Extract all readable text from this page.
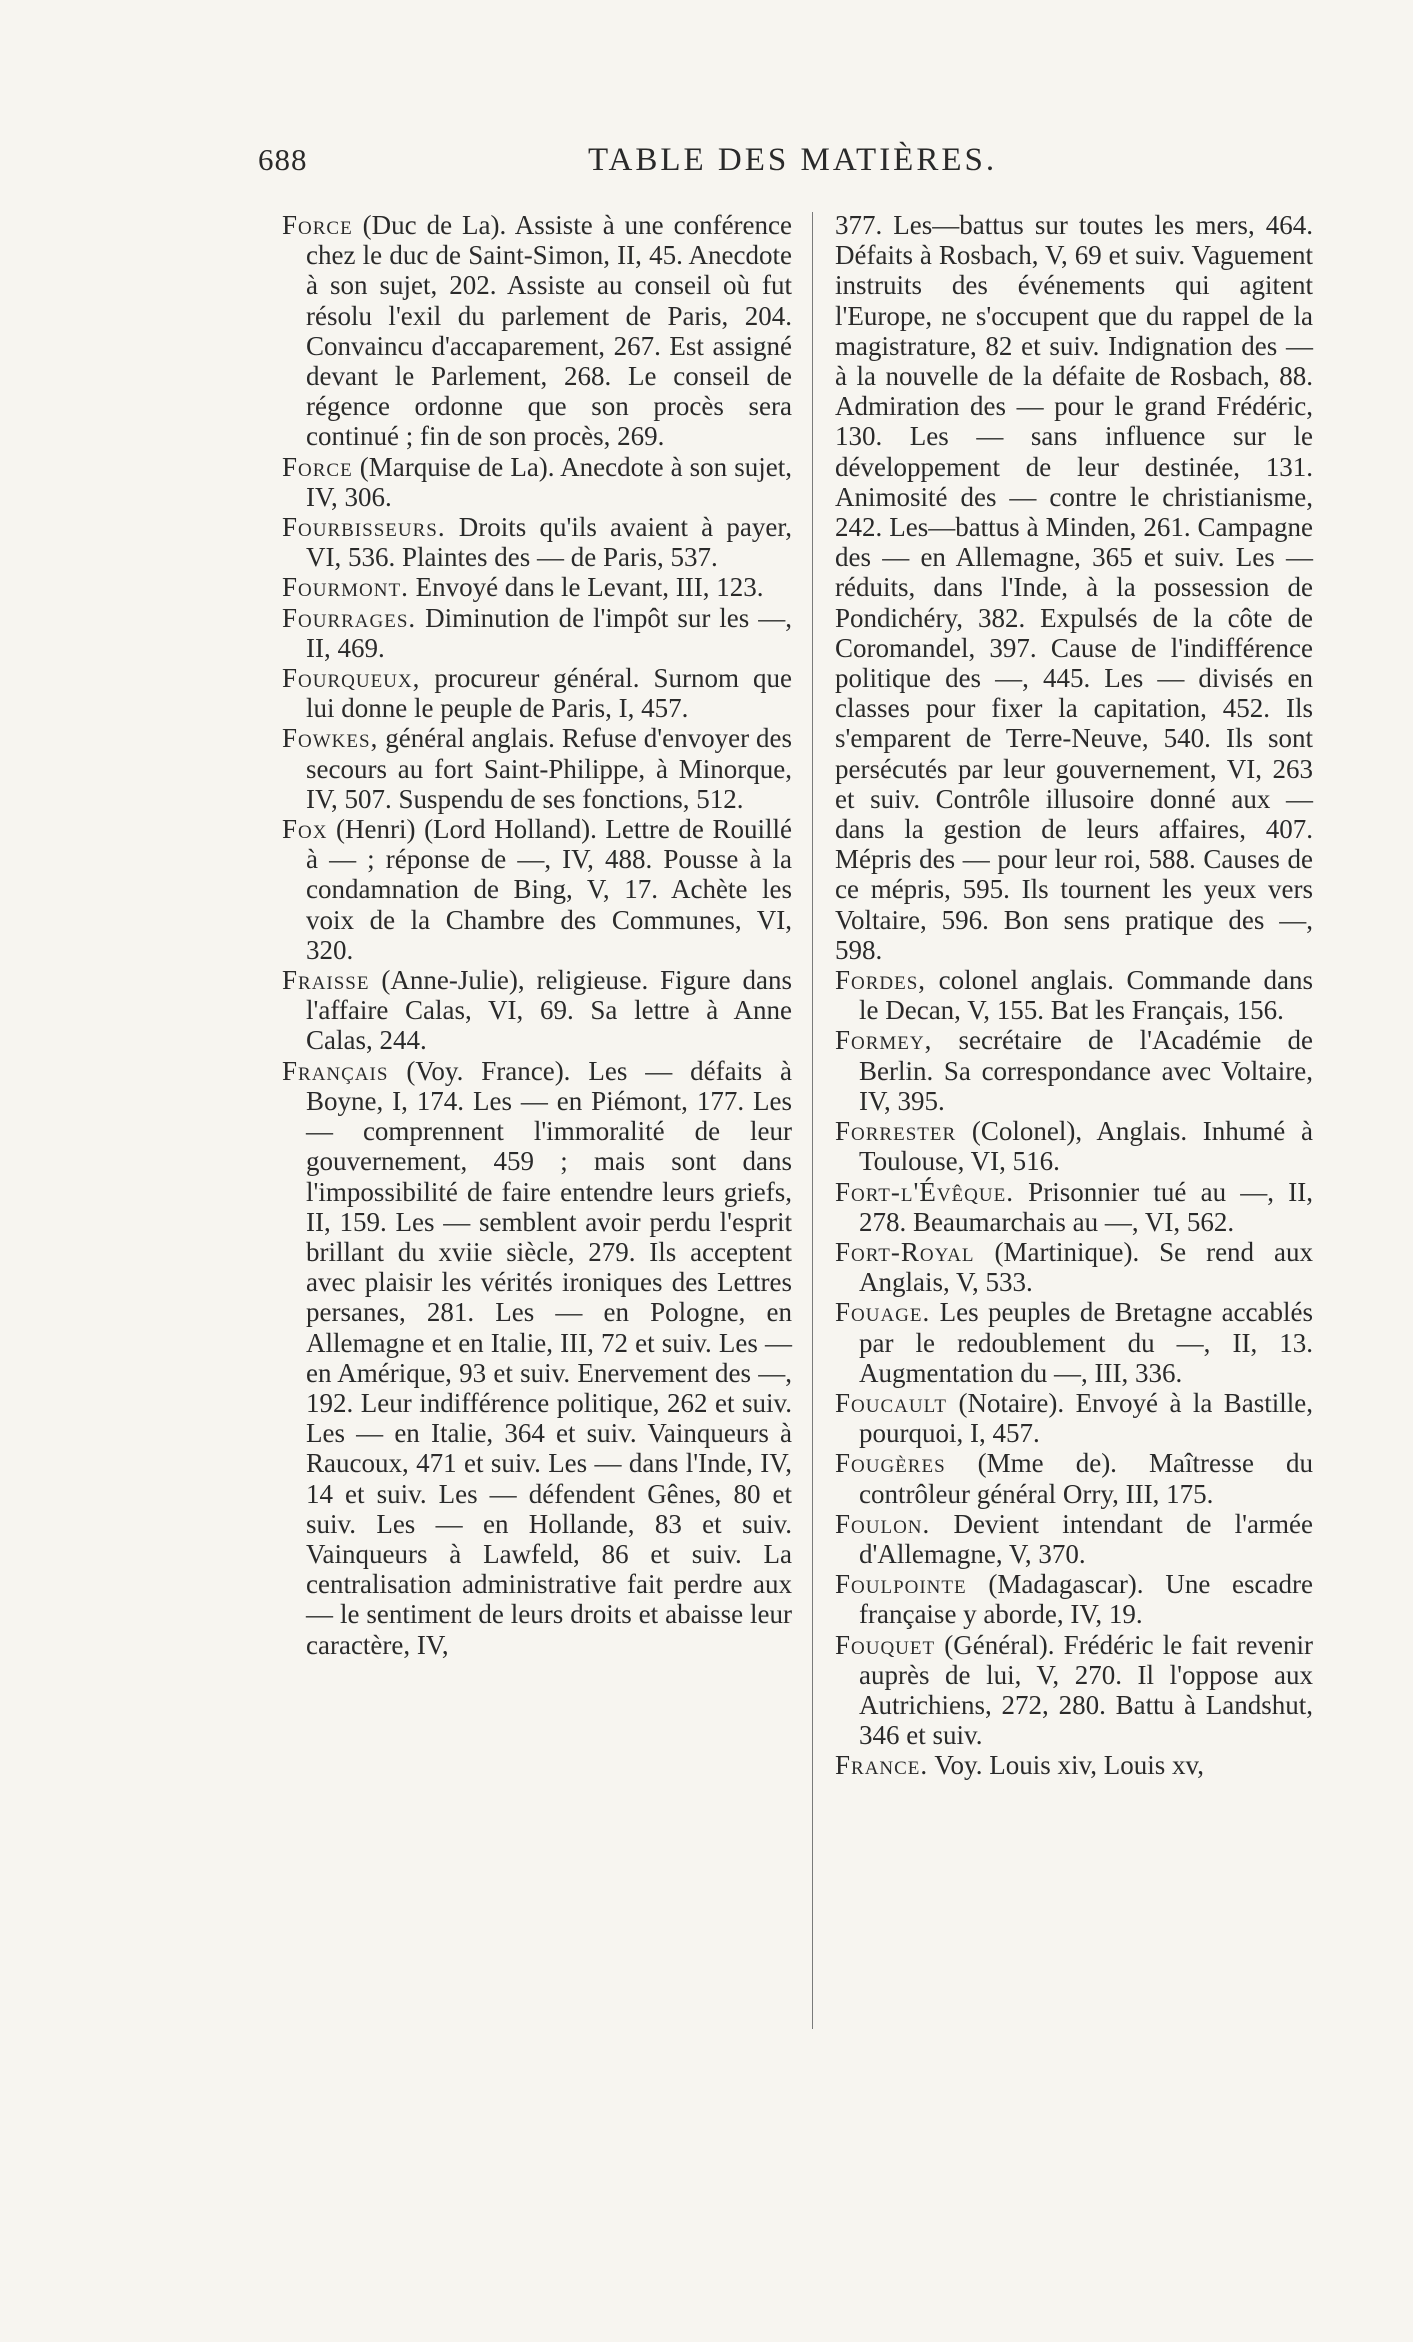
688	TABLE DES MATIÈRES.

Force (Duc de La). Assiste à une conférence chez le duc de Saint-Simon, II, 45. Anecdote à son sujet, 202. Assiste au conseil où fut résolu l'exil du parlement de Paris, 204. Convaincu d'accaparement, 267. Est assigné devant le Parlement, 268. Le conseil de régence ordonne que son procès sera continué ; fin de son procès, 269.

Force (Marquise de La). Anecdote à son sujet, IV, 306.

Fourbisseurs. Droits qu'ils avaient à payer, VI, 536. Plaintes des — de Paris, 537.

Fourmont. Envoyé dans le Levant, III, 123.

Fourrages. Diminution de l'impôt sur les —, II, 469.

Fourqueux, procureur général. Surnom que lui donne le peuple de Paris, I, 457.

Fowkes, général anglais. Refuse d'envoyer des secours au fort Saint-Philippe, à Minorque, IV, 507. Suspendu de ses fonctions, 512.

Fox (Henri) (Lord Holland). Lettre de Rouillé à — ; réponse de —, IV, 488. Pousse à la condamnation de Bing, V, 17. Achète les voix de la Chambre des Communes, VI, 320.

Fraisse (Anne-Julie), religieuse. Figure dans l'affaire Calas, VI, 69. Sa lettre à Anne Calas, 244.

Français (Voy. France). Les — défaits à Boyne, I, 174. Les — en Piémont, 177. Les — comprennent l'immoralité de leur gouvernement, 459 ; mais sont dans l'impossibilité de faire entendre leurs griefs, II, 159. Les — semblent avoir perdu l'esprit brillant du xviie siècle, 279. Ils acceptent avec plaisir les vérités ironiques des Lettres persanes, 281. Les — en Pologne, en Allemagne et en Italie, III, 72 et suiv. Les — en Amérique, 93 et suiv. Enervement des —, 192. Leur indifférence politique, 262 et suiv. Les — en Italie, 364 et suiv. Vainqueurs à Raucoux, 471 et suiv. Les — dans l'Inde, IV, 14 et suiv. Les — défendent Gênes, 80 et suiv. Les — en Hollande, 83 et suiv. Vainqueurs à Lawfeld, 86 et suiv. La centralisation administrative fait perdre aux — le sentiment de leurs droits et abaisse leur caractère, IV,

377. Les—battus sur toutes les mers, 464. Défaits à Rosbach, V, 69 et suiv. Vaguement instruits des événements qui agitent l'Europe, ne s'occupent que du rappel de la magistrature, 82 et suiv. Indignation des — à la nouvelle de la défaite de Rosbach, 88. Admiration des — pour le grand Frédéric, 130. Les — sans influence sur le développement de leur destinée, 131. Animosité des — contre le christianisme, 242. Les—battus à Minden, 261. Campagne des — en Allemagne, 365 et suiv. Les — réduits, dans l'Inde, à la possession de Pondichéry, 382. Expulsés de la côte de Coromandel, 397. Cause de l'indifférence politique des —, 445. Les — divisés en classes pour fixer la capitation, 452. Ils s'emparent de Terre-Neuve, 540. Ils sont persécutés par leur gouvernement, VI, 263 et suiv. Contrôle illusoire donné aux — dans la gestion de leurs affaires, 407. Mépris des — pour leur roi, 588. Causes de ce mépris, 595. Ils tournent les yeux vers Voltaire, 596. Bon sens pratique des —, 598.

Fordes, colonel anglais. Commande dans le Decan, V, 155. Bat les Français, 156.

Formey, secrétaire de l'Académie de Berlin. Sa correspondance avec Voltaire, IV, 395.

Forrester (Colonel), Anglais. Inhumé à Toulouse, VI, 516.

Fort-l'Évêque. Prisonnier tué au —, II, 278. Beaumarchais au —, VI, 562.

Fort-Royal (Martinique). Se rend aux Anglais, V, 533.

Fouage. Les peuples de Bretagne accablés par le redoublement du —, II, 13. Augmentation du —, III, 336.

Foucault (Notaire). Envoyé à la Bastille, pourquoi, I, 457.

Fougères (Mme de). Maîtresse du contrôleur général Orry, III, 175.

Foulon. Devient intendant de l'armée d'Allemagne, V, 370.

Foulpointe (Madagascar). Une escadre française y aborde, IV, 19.

Fouquet (Général). Frédéric le fait revenir auprès de lui, V, 270. Il l'oppose aux Autrichiens, 272, 280. Battu à Landshut, 346 et suiv.

France. Voy. Louis xiv, Louis xv,
